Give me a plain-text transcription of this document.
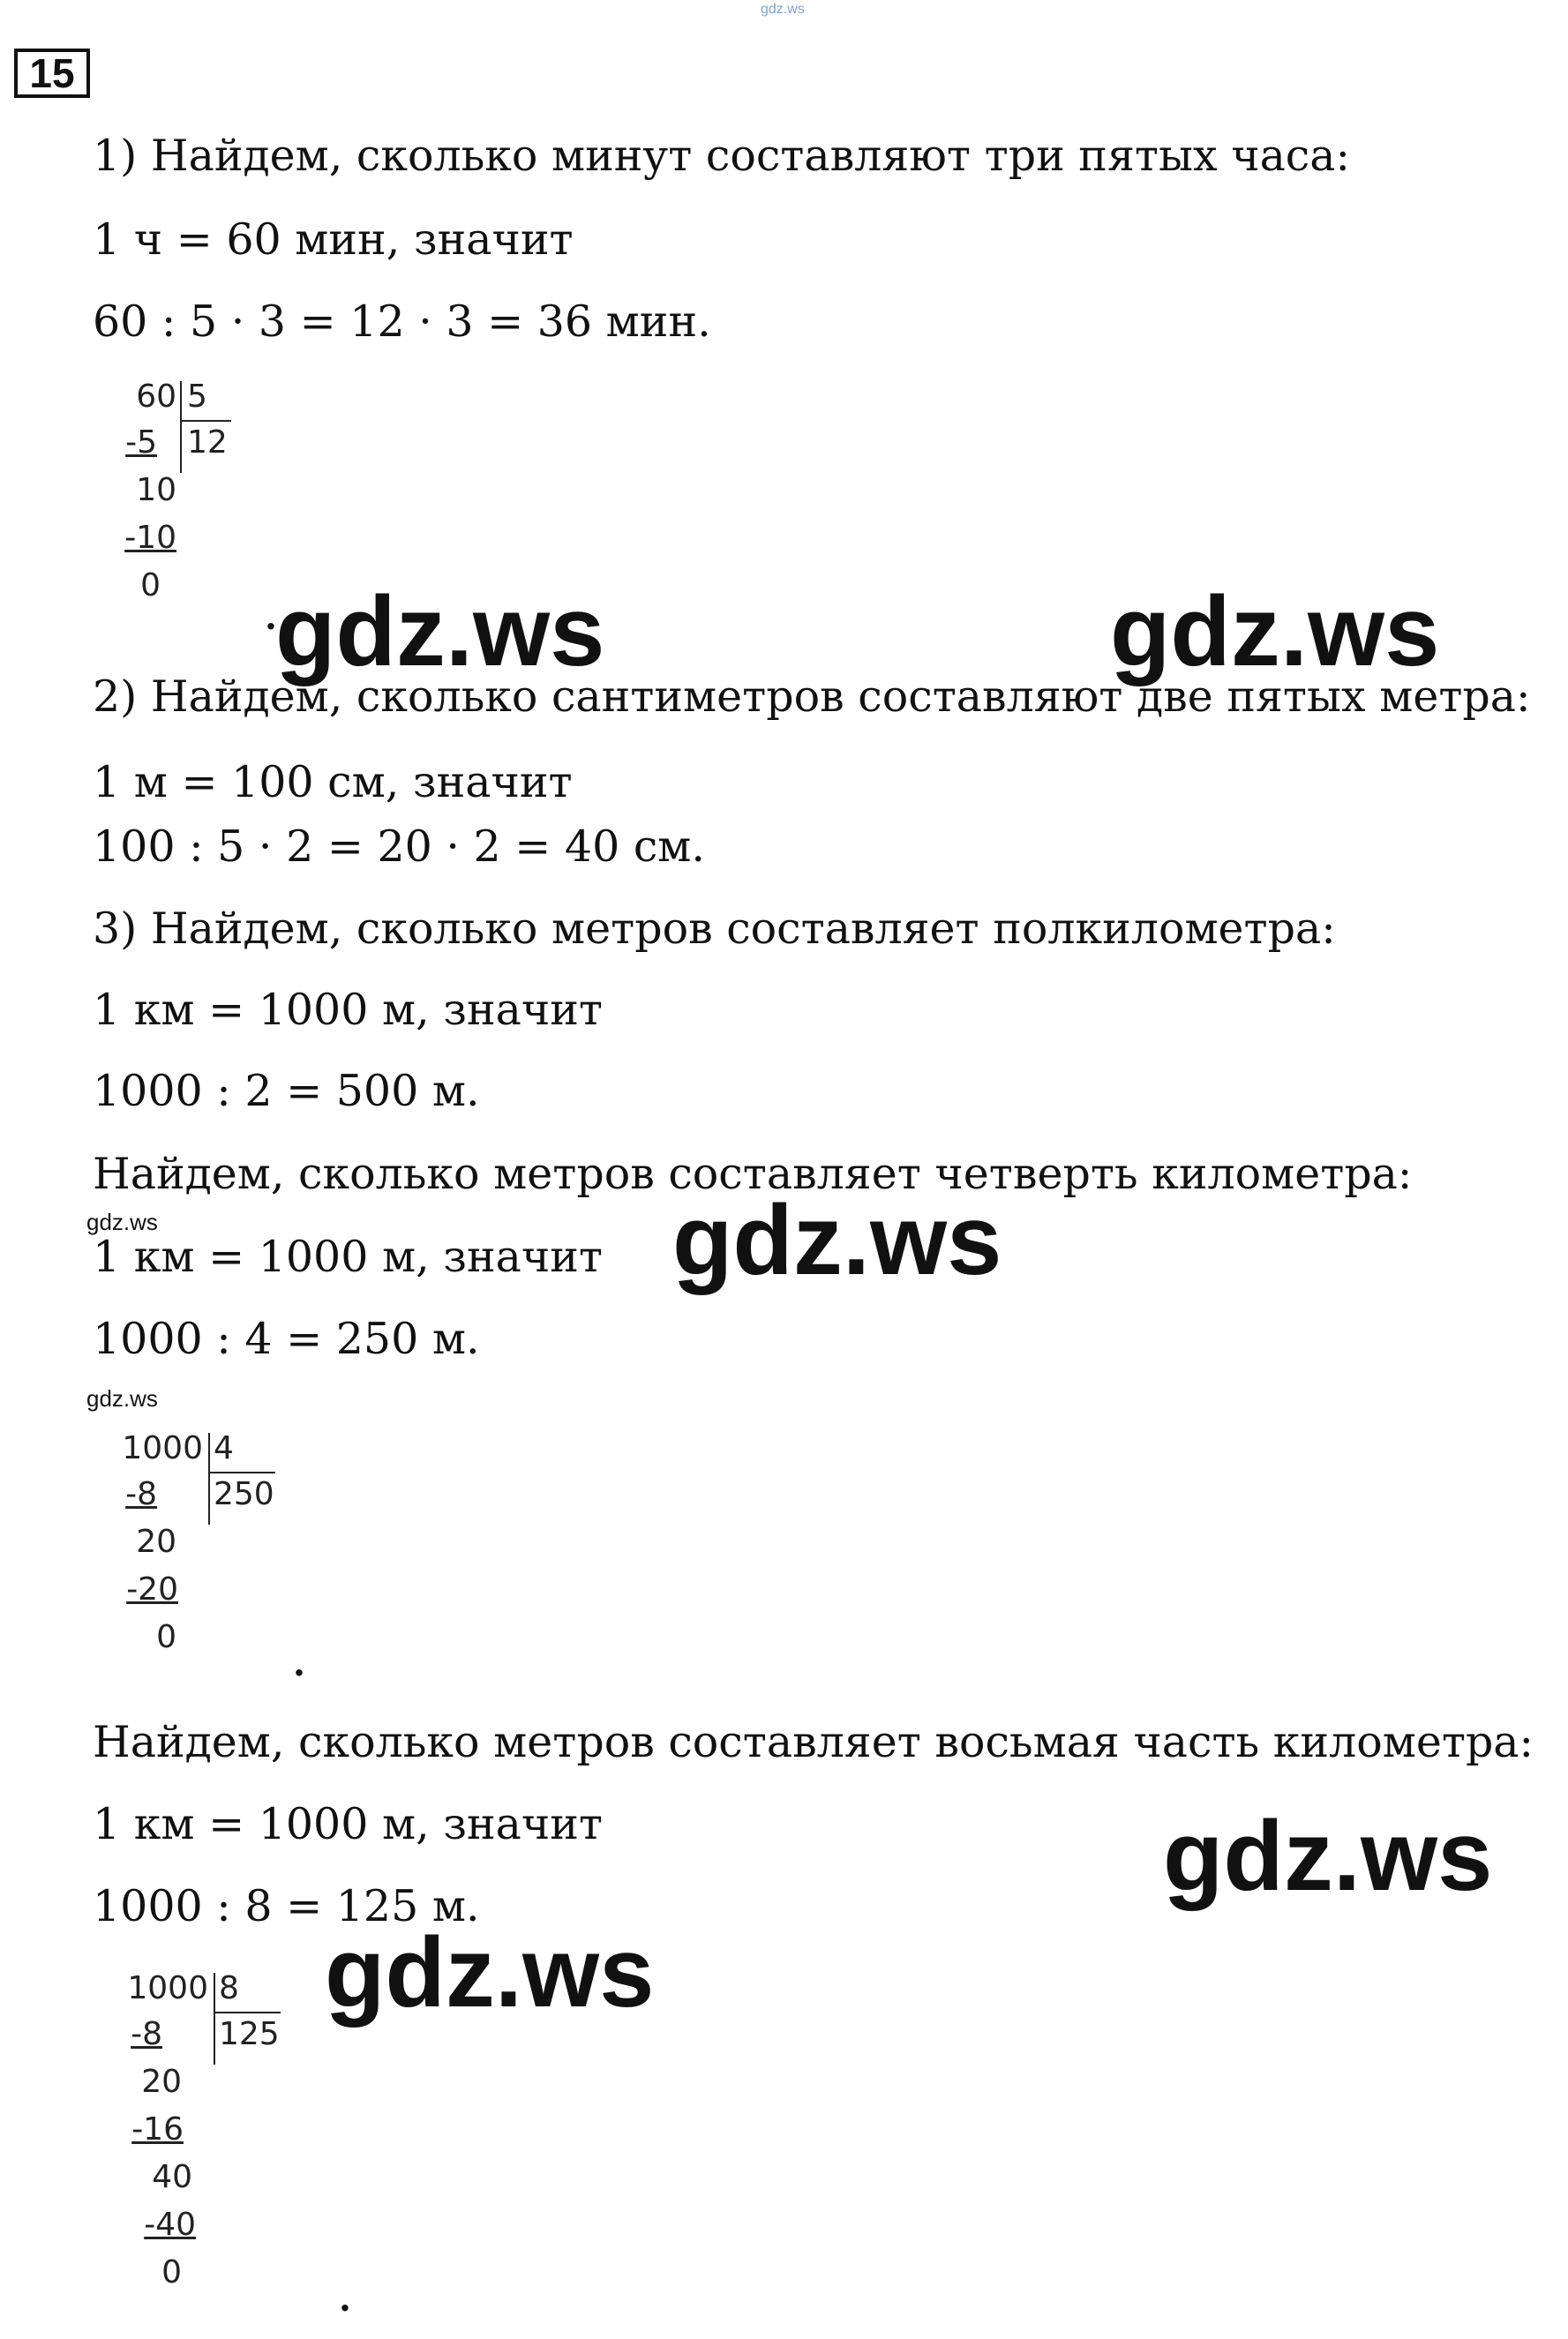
gdz.ws
15
1) Найдем, сколько минут составляют три пятых часа:
1 ч = 60 мин, значит
60 : 5 · 3 = 12 · 3 = 36 мин.
60 5
12
-5
10
-10
0
.
gdz.ws	gdz.ws
2) Найдем, сколько сантиметров составляют две пятых метра:
1 м = 100 см, значит
100 : 5 · 2 = 20 · 2 = 40 см.
3) Найдем, сколько метров составляет полкилометра:
1 км = 1000 м, значит
1000 : 2 = 500 м.
Найдем, сколько метров составляет четверть километра:
gdz.ws	gdz.ws
1 км = 1000 м, значит
1000 : 4 = 250 м.
gdz.ws
1000 4
250
-8
20
-20
0
.
Найдем, сколько метров составляет восьмая часть километра:
1 км = 1000 м, значит	gdz.ws
1000 : 8 = 125 м.
gdz.ws
1000 8
125
-8
20
-16
40
-40
0
.
